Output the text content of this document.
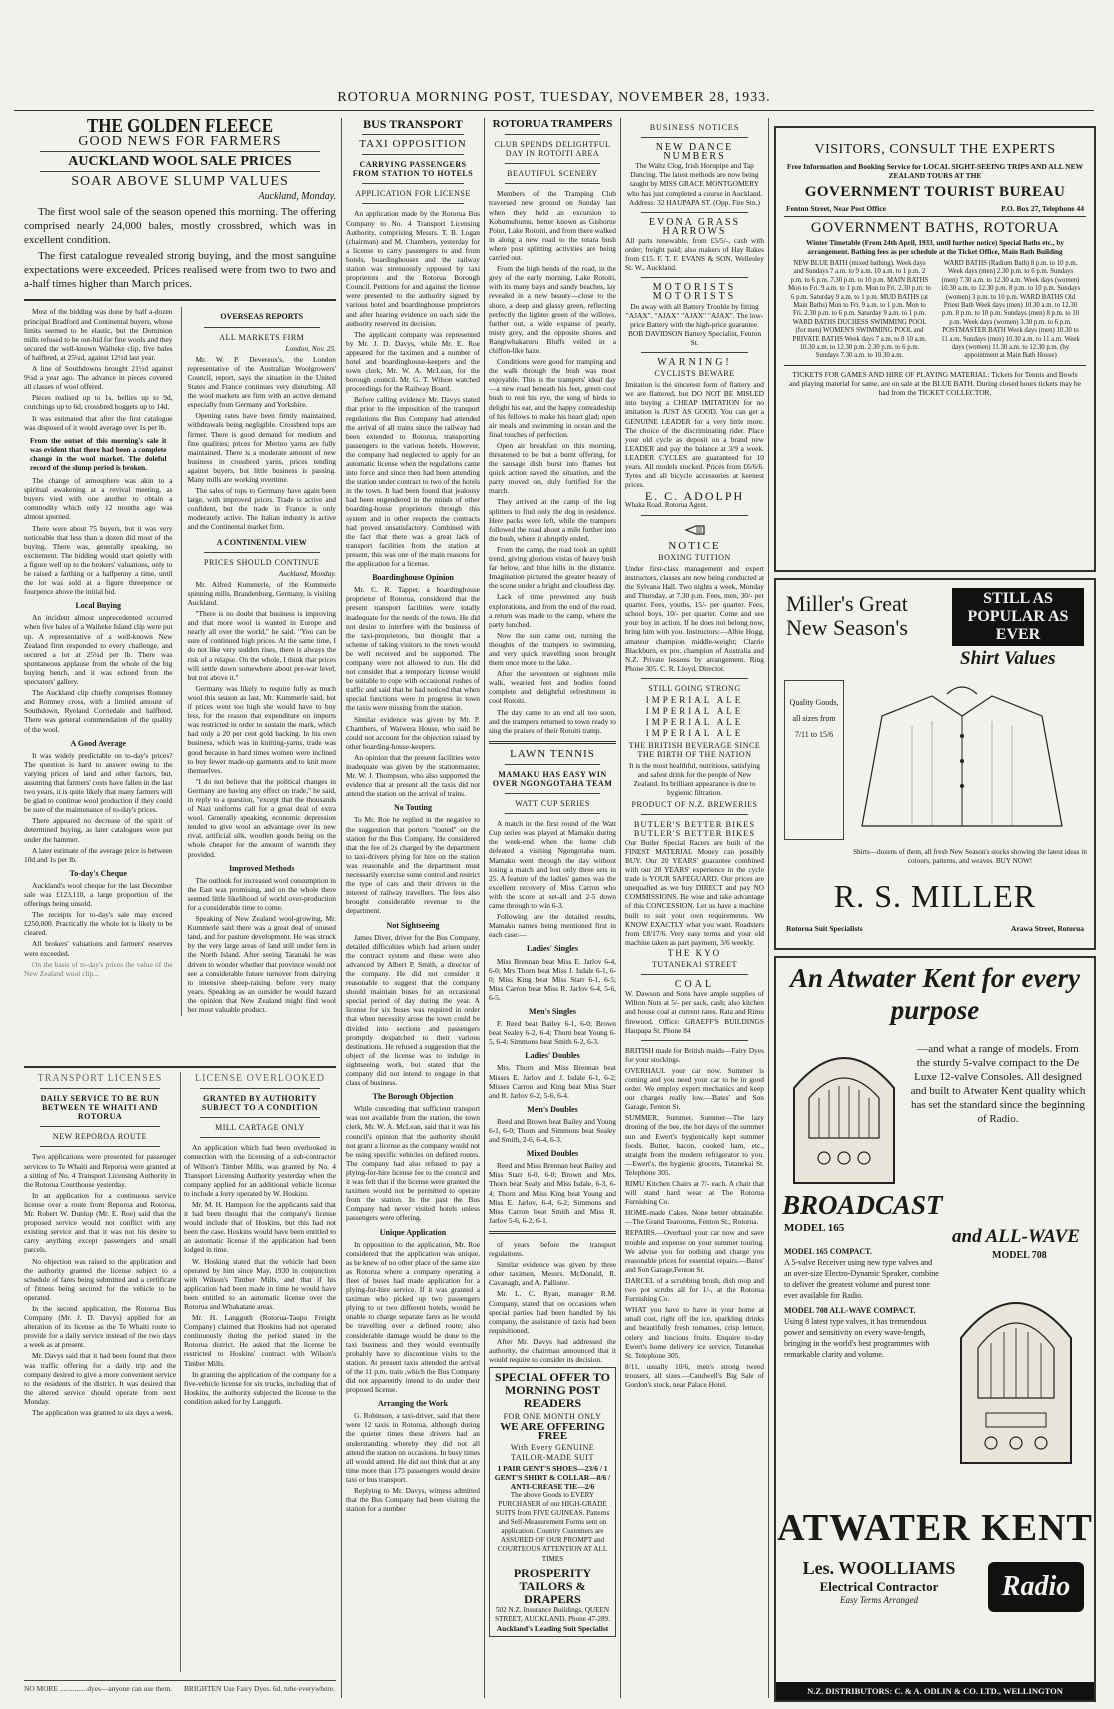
ROTORUA MORNING POST, TUESDAY, NOVEMBER 28, 1933.
THE GOLDEN FLEECE
GOOD NEWS FOR FARMERS
AUCKLAND WOOL SALE PRICES
SOAR ABOVE SLUMP VALUES
Auckland, Monday.

The first wool sale of the season opened this morning. The offering comprised nearly 24,000 bales, mostly crossbred, which was in excellent condition.

The first catalogue revealed strong buying, and the most sanguine expectations were exceeded. Prices realised were from two to two and a-half times higher than March prices.

Most of the bidding was done by half a-dozen principal Bradford and Continental buyers, whose limits seemed to be elastic, but the Dominion mills refused to be out-bid for fine wools and they secured the well-known Waiheke clip, five bales of halfbred, at 25¼d, against 12½d last year.

A line of Southdowns brought 21½d against 9¼d a year ago. The advance in pieces covered all classes of wool offered.

Pieces realised up to 1s, bellies up to 9d, crutchings up to 6d, crossbred hoggets up to 14d.

It was estimated that after the first catalogue was disposed of it would average over 1s per lb.

From the outset of this morning's sale it was evident that there had been a complete change in the wool market. The doleful record of the slump period is broken.

The change of atmosphere was akin to a spiritual awakening at a revival meeting, as buyers vied with one another to obtain a commodity which only 12 months ago was almost spurned.

There were about 75 buyers, but it was very noticeable that less than a dozen did most of the buying. There was, generally speaking, no excitement. The bidding would start quietly with a figure well up to the brokers' valuations, only to be raised a farthing or a halfpenny a time, until the lot was sold at a figure threepence or fourpence above the initial bid.

Local Buying

An incident almost unprecedented occurred when five bales of a Waiheke Island clip were put up. A representative of a well-known New Zealand firm responded to every challenge, and secured a lot at 25¼d per lb. There was spontaneous applause from the whole of the big buying bench, and it was echoed from the spectators' gallery.

The Auckland clip chiefly comprises Romney and Romney cross, with a limited amount of Southdown, Ryeland Corriedale and halfbred. There was general commendation of the quality of the wool.

A Good Average

It was widely predictable on to-day's prices? The question is hard to answer owing to the varying prices of land and other factors, but, assuming that farmers' costs have fallen in the last two years, it is quite likely that many farmers will be glad to continue wool production if they could be sure of the maintenance of to-day's prices.

There appeared no decrease of the spirit of determined buying, as later catalogues were put under the hammer.

A later estimate of the average price is between 10d and 1s per lb.

To-day's Cheque

Auckland's wool cheque for the last December sale was £123,118, a large proportion of the offerings being unsold.

The receipts for to-day's sale may exceed £250,000. Practically the whole lot is likely to be cleared.

All brokers' valuations and farmers' reserves were exceeded.

On the basis of to-day's prices the value of the New Zealand wool clip...

OVERSEAS REPORTS
ALL MARKETS FIRM

London, Nov. 25.

Mr. W. P. Devereux's, the London representative of the Australian Woolgrowers' Council, report, says the situation in the United States and France continues very disturbing. All the wool markets are firm with an active demand especially from Germany and Yorkshire.

Opening rates have been firmly maintained, withdrawals being negligible. Crossbred tops are firmer. There is good demand for medium and fine qualities; prices for Merino yarns are fully maintained. There is a moderate amount of new business in crossbred yarns, prices tending against buyers, but little business is passing. Many mills are working overtime.

The sales of tops to Germany have again been large, with improved prices. Trade is active and confident, but the trade in France is only moderately active. The Italian industry is active and the Continental market firm.

A CONTINENTAL VIEW
PRICES SHOULD CONTINUE

Auckland, Monday.

Mr. Alfred Kummerle, of the Kummerle spinning mills, Brandenburg, Germany, is visiting Auckland.

"There is no doubt that business is improving and that more wool is wanted in Europe and nearly all over the world," he said. "You can be sure of continued high prices. At the same time, I do not like very sudden rises, there is always the risk of a relapse. On the whole, I think that prices will settle down somewhere about pre-war level, but not above it."

Germany was likely to require fully as much wool this season as last, Mr. Kummerle said, but if prices went too high she would have to buy less, for the reason that expenditure on imports was restricted in order to sustain the mark, which had only a 20 per cent gold backing. In his own business, which was in knitting-yarns, trade was good because in hard times women were inclined to buy fewer made-up garments and to knit more themselves.

"I do not believe that the political changes in Germany are having any effect on trade," he said, in reply to a question, "except that the thousands of Nazi uniforms call for a great deal of extra wool. Generally speaking, economic depression tended to give wool an advantage over its new rival, artificial silk, woollen goods being on the whole cheaper for the amount of warmth they provided.

Improved Methods

The outlook for increased wool consumption in the East was promising, and on the whole there seemed little likelihood of world over-production for a considerable time to come.

Speaking of New Zealand wool-growing, Mr. Kummerle said there was a great deal of unused land, and for pasture development. He was struck by the very large areas of land still under fern in the North Island. After seeing Taranaki he was driven to wonder whether that province would not see a considerable future turnover from dairying to intensive sheep-raising before very many years. Speaking as an outsider he would hazard the opinion that New Zealand might find wool her most valuable product.

BUS TRANSPORT
TAXI OPPOSITION
CARRYING PASSENGERS FROM STATION TO HOTELS
APPLICATION FOR LICENSE

An application made by the Rotorua Bus Company to No. 4 Transport Licensing Authority, comprising Messrs. T. B. Logan (chairman) and M. Chambers, yesterday for a license to carry passengers to and from hotels, boardinghouses and the railway station was strenuously opposed by taxi proprietors and the Rotorua Borough Council. Petitions for and against the license were presented to the authority signed by various hotel and boardinghouse proprietors and after hearing evidence on each side the authority reserved its decision.

The applicant company was represented by Mr. J. D. Davys, while Mr. E. Roe appeared for the taximen and a number of hotel and boardinghouse-keepers and the town clerk, Mr. W. A. McLean, for the borough council. Mr. G. T. Wilson watched proceedings for the Railway Board.

Before calling evidence Mr. Davys stated that prior to the imposition of the transport regulations the Bus Company had attended the arrival of all trains since the railway had been extended to Rotorua, transporting passengers to the various hotels. However, the company had neglected to apply for an automatic license when the regulations came into force and since then had been attending the station under contract to two of the hotels in the town. It had been found that jealousy had been engendered in the minds of other boarding-house proprietors through this system and in other respects the contracts had proved unsatisfactory. Combined with the fact that there was a great lack of transport facilities from the station at present, this was one of the main reasons for the application for a license.

Boardinghouse Opinion

Mr. C. R. Tapper, a boardinghouse proprietor of Rotorua, considered that the present transport facilities were totally inadequate for the needs of the town. He did not desire to interfere with the business of the taxi-proprietors, but thought that a scheme of taking visitors to the town would be well received and be supported. The company were not allowed to run. He did not consider that a temporary license would be suitable to cope with occasional rushes of traffic and said that he had noticed that when special functions were in progress in town the taxis were missing from the station.

Similar evidence was given by Mr. P. Chambers, of Waiwera House, who said he could not account for the objection raised by other boarding-house-keepers.

An opinion that the present facilities were inadequate was given by the stationmaster, Mr. W. J. Thompson, who also supported the evidence that at present all the taxis did not attend the station on the arrival of trains.

No Touting

To Mr. Roe he replied in the negative to the suggestion that porters "touted" on the station for the Bus Company. He considered that the fee of 2s charged by the department to taxi-drivers plying for hire on the station was reasonable and the department must necessarily exercise some control and restrict the type of cars and their drivers in the interest of railway travellers. The fees also brought considerable revenue to the department.

Not Sightseeing

James Diver, driver for the Bus Company, detailed difficulties which had arisen under the contract system and these were also advanced by Albert P. Smith, a director of the company. He did not consider it reasonable to suggest that the company should maintain buses for an occasional special period of day during the year. A license for six buses was required in order that when necessity arose the town could be divided into sections and passengers promptly despatched to their various destinations. He refused a suggestion that the object of the license was to indulge in sightseeing work, but stated that the company did not intend to engage in that class of business.

The Borough Objection

While conceding that sufficient transport was not available from the station, the town clerk, Mr. W. A. McLean, said that it was his council's opinion that the authority should not grant a license as the company would not be using specific vehicles on defined routes. The company had also refused to pay a plying-for-hire license fee to the council and it was felt that if the license were granted the taximen would not be permitted to operate from the station. In the past the Bus Company had never visited hotels unless passengers were offering.

Unique Application

In opposition to the application, Mr. Roe considered that the application was unique, as he knew of no other place of the same size as Rotorua where a company operating a fleet of buses had made application for a plying-for-hire service. If it was granted a taximan who picked up two passengers plying to or two different hotels, would be unable to charge separate fares as he would be travelling over a defined route; also considerable damage would be done to the taxi business and they would eventually probably have to discontinue visits to the station. At present taxis attended the arrival of the 11 p.m. train ,which the Bus Company did not apparently intend to do under their proposed license.

Arranging the Work

G. Robinson, a taxi-driver, said that there were 12 taxis in Rotorua, although during the quieter times these drivers had an understanding whereby they did not all attend the station on occasions. In busy times all would attend. He did not think that at any time more than 175 passengers would desire taxi or bus transport.

Replying to Mr. Davys, witness admitted that the Bus Company had been visiting the station for a number

ROTORUA TRAMPERS
CLUB SPENDS DELIGHTFUL DAY IN ROTOITI AREA
BEAUTIFUL SCENERY

Members of the Tramping Club traversed new ground on Sunday last when they held an excursion to Kohumuhumu, better known as Gisborne Point, Lake Rotoiti, and from there walked in along a new road to the totara bush where post splitting activities are being carried out.

From the high bends of the road, in the grey of the early morning, Lake Rotoiti, with its many bays and sandy beaches, lay revealed in a new beauty—close to the shore, a deep and glassy green, reflecting perfectly the lighter green of the willows, further out, a wide expanse of pearly, misty grey, and the opposite shores and Rangiwhakaruru Bluffs veiled in a chiffon-like haze.

Conditions were good for tramping and the walk through the bush was most enjoyable. This is the trampers' ideal day—a new road beneath his feet, green cool bush to rest his eye, the song of birds to delight his ear, and the happy comradeship of his fellows to make his heart glad; open air meals and swimming in ocean and the final touches of perfection.

Open air breakfast on this morning, threatened to be but a burnt offering, for the sausage dish burst into flames but quick action saved the situation, and the party moved on, duly fortified for the march.

They arrived at the camp of the log splitters to find only the dog in residence. Here packs were left, while the trampers followed the road about a mile further into the bush, where it abruptly ended.

From the camp, the road took an uphill trend, giving glorious vistas of heavy bush far below, and blue hills in the distance. Imagination pictured the greater beauty of the scene under a bright and cloudless day.

Lack of time prevented any bush explorations, and from the end of the road, a return was made to the camp, where the party lunched.

Now the sun came out, turning the thoughts of the trampers to swimming, and very quick travelling soon brought them once more to the lake.

After the seventeen or eighteen mile walk, wearied feet and bodies found complete and delightful refreshment in cool Rotoiti.

The day came to an end all too soon, and the trampers returned to town ready to sing the praises of their Rotoiti tramp.

LAWN TENNIS
MAMAKU HAS EASY WIN OVER NGONGOTAHA TEAM
WATT CUP SERIES

A match in the first round of the Watt Cup series was played at Mamaku during the week-end when the home club defeated a visiting Ngongotaha team. Mamaku went through the day without losing a match and lost only three sets in 25. A feature of the ladies' games was the excellent recovery of Miss Carron who with the score at set-all and 2-5 down came through to win 6-3.

Following are the detailed results, Mamaku names being mentioned first in each case:—

Ladies' Singles

Miss Brennan beat Miss E. Jarlov 6-4, 6-0; Mrs Thorn beat Miss J. Isdale 6-1, 6-0; Miss King beat Miss Starr 6-1, 6-5; Miss Carron beat Miss R. Jarlov 6-4, 5-6, 6-5.

Men's Singles

F. Reed beat Bailey 6-1, 6-0; Brown beat Sealey 6-2, 6-4; Thorn beat Young 6-5, 6-4; Simmons beat Smith 6-2, 6-3.

Ladies' Doubles

Mrs. Thorn and Miss Brennan beat Misses E. Jarlov and J. Isdale 6-1, 6-2; Misses Carron and King beat Miss Starr and R. Jarlov 6-2, 5-6, 6-4.

Men's Doubles

Reed and Brown beat Bailey and Young 6-1, 6-0; Thorn and Simmons beat Sealey and Smith, 2-6, 6-4, 6-3.

Mixed Doubles

Reed and Miss Brennan beat Bailey and Miss Starr 6-0, 6-0; Brown and Mrs. Thorn beat Sealy and Miss Isdale, 6-3, 6-4; Thorn and Miss King beat Young and Miss E. Jarlov, 6-4, 6-2; Simmons and Miss Carron beat Smith and Miss R. Jarlov 5-6, 6-2, 6-1.

of years before the transport regulations.

Similar evidence was given by three other taximen, Messrs. McDonald, R. Cavanagh, and A. Pallister.

Mr. L. C. Ryan, manager R.M. Company, stated that on occasions when special parties had been handled by his company, the assistance of taxis had been requisitioned.

After Mr. Davys had addressed the authority, the chairman announced that it would require to consider its decision.

SPECIAL OFFER TO MORNING POST READERS
FOR ONE MONTH ONLY
WE ARE OFFERING FREE
With Every GENUINE TAILOR-MADE SUIT
1 PAIR GENT'S SHOES—23/6 / 1 GENT'S SHIRT & COLLAR—8/6 / ANTI-CREASE TIE—2/6
The above Goods to EVERY PURCHASER of our HIGH-GRADE SUITS from FIVE GUINEAS. Patterns and Self-Measurement Forms sent on application. Country Customers are ASSURED OF OUR PROMPT and COURTEOUS ATTENTION AT ALL TIMES
PROSPERITY TAILORS & DRAPERS
502 N.Z. Insurance Buildings, QUEEN STREET, AUCKLAND. Phone 47-289.
Auckland's Leading Suit Specialist
BUSINESS NOTICES
NEW DANCE NUMBERS
The Waltz Clog, Irish Hornpipe and Tap Dancing. The latest methods are now being taught by MISS GRACE MONTGOMERY who has just completed a course in Auckland. Address: 32 HAUPAPA ST. (Opp. Fire Stn.)
EVONA GRASS HARROWS
All parts renewable, from £5/5/-, cash with order; freight paid; also makers of Hay Rakes from £15. F. T. F. EVANS & SON, Wellesley St. W., Auckland.
MOTORISTS MOTORISTS
Do away with all Battery Trouble by fitting "AJAX". "AJAX" "AJAX" "AJAX". The low-price Battery with the high-price guarantee. BOB DAVIDSON Battery Specialist, Fenton St.
WARNING!
CYCLISTS BEWARE
Imitation is the sincerest form of flattery and we are flattered, but DO NOT BE MISLED into buying a CHEAP IMITATION for no imitation is JUST AS GOOD. You can get a GENUINE LEADER for a very little more. The choice of the discriminating rider. Place your old cycle as deposit on a brand new LEADER and pay the balance at 3/9 a week. LEADER CYCLES are guaranteed for 10 years. All models stocked. Prices from £6/6/6. Tyres and all bicycle accessories at keenest prices.
E. C. ADOLPH
Whaka Road. Rotorua Agent.
NOTICE
BOXING TUITION
Under first-class management and expert instructors, classes are now being conducted at the Sylvana Hall. Two nights a week, Monday and Thursday, at 7.30 p.m. Fees, men, 30/- per quarter. Fees, youths, 15/- per quarter. Fees, school boys, 10/- per quarter. Come and see your boy in action. If he does not belong now, bring him with you. Instructors:—Albie Hogg, amateur champion middle-weight; Clarrie Blackburn, ex pro. champion of Australia and N.Z. Private lessons by arrangement. Ring Phone 305. C. R. Lloyd, Director.
STILL GOING STRONG
IMPERIAL ALE
IMPERIAL ALE
IMPERIAL ALE
IMPERIAL ALE
THE BRITISH BEVERAGE SINCE THE BIRTH OF THE NATION
It is the most healthful, nutritious, satisfying and safest drink for the people of New Zealand. Its brilliant appearance is due to hygienic filtration.
PRODUCT OF N.Z. BREWERIES
BUTLER'S BETTER BIKES
BUTLER'S BETTER BIKES
Our Butler Special Racers are built of the FINEST MATERIAL Money can possibly BUY. Our 20 YEARS' guarantee combined with our 20 YEARS' experience in the cycle trade is YOUR SAFEGUARD. Our prices are unequalled as we buy DIRECT and pay NO COMMISSIONS. Be wise and take advantage of this CONCESSION. Let us have a machine built to suit your own requirements. We KNOW EXACTLY what you want. Roadsters from £8/17/6. Very easy terms and your old machine taken as part payment, 3/6 weekly.
THE KYO
TUTANEKAI STREET
COAL
W. Dawson and Sons have ample supplies of Wilton Nuts at 5/- per sack, cash; also kitchen and house coal at current rates. Rata and Rimu firewood. Office: GRAEFF'S BUILDINGS Haupapa St. Phone 84

BRITISH made for British maids—Fairy Dyes for your stockings.

OVERHAUL your car now. Summer is coming and you need your car to be in good order. We employ expert mechanics and keep our charges really low.—Bates' and Son Garage, Fenton St.

SUMMER, Summer, Summer—The lazy droning of the bee, the hot days of the summer sun and Ewert's hygienically kept summer foods. Butter, bacon, cooked ham, etc., straight from the modern refrigerator to you. —Ewert's, the hygienic grocers, Tutanekai St. Telephone 305.

RIMU Kitchen Chairs at 7/- each. A chair that will stand hard wear at The Rotorua Furnishing Co.

HOME-made Cakes. None better obtainable.—The Grand Tearooms, Fenton St., Rotorua.

REPAIRS.—Overhaul your car now and save trouble and expense on your summer touring. We advise you for nothing and charge you reasonable prices for essential repairs.—Bates' and Son Garage,Fenton St.

DARCEL of a scrubbing brush, dish mop and two pot scrubs all for 1/-, at the Rotorua Furnishing Co.

WHAT you have to have in your home at small cost, right off the ice, sparkling drinks and beautifully fresh tomatoes, crisp lettuce, celery and luscious fruits. Enquire to-day Ewert's home delivery ice service, Tutanekai St. Telephone 305.

8/11, usually 10/6, men's strong tweed trousers, all sizes.—Candwell's Big Sale of Gordon's stock, near Palace Hotel.

VISITORS, CONSULT THE EXPERTS
Free Information and Booking Service for LOCAL SIGHT-SEEING TRIPS AND ALL NEW ZEALAND TOURS AT THE
GOVERNMENT TOURIST BUREAU
Fenton Street, Near Post Office	P.O. Box 27, Telephone 44
GOVERNMENT BATHS, ROTORUA
Winter Timetable (From 24th April, 1933, until further notice) Special Baths etc., by arrangement. Bathing fees as per schedule at the Ticket Office, Main Bath Building
NEW BLUE BATH (mixed bathing). Week days and Sundays 7 a.m. to 9 a.m. 10 a.m. to 1 p.m. 2 p.m. to 6 p.m. 7.30 p.m. to 10 p.m. MAIN BATHS Mon to Fri. 9 a.m. to 1 p.m. Mon to Fri. 2.30 p.m. to 6 p.m. Saturday 9 a.m. to 1 p.m. MUD BATHS (at Main Baths) Mon to Fri. 9 a.m. to 1 p.m. Mon to Fri. 2.30 p.m. to 6 p.m. Saturday 9 a.m. to 1 p.m. WARD BATHS DUCHESS SWIMMING POOL (for men) WOMEN'S SWIMMING POOL and PRIVATE BATHS Week days 7 a.m. to 8 10 a.m. 10.30 a.m. to 12.30 p.m. 2.30 p.m. to 6 p.m. Sundays 7.30 a.m. to 10.30 a.m.
WARD BATHS (Radium Bath) 8 p.m. to 10 p.m. Week days (men) 2.30 p.m. to 6 p.m. Sundays (men) 7.30 a.m. to 12.30 a.m. Week days (women) 10.30 a.m. to 12.30 p.m. 8 p.m. to 10 p.m. Sundays (women) 3 p.m. to 10 p.m. WARD BATHS Old Priest Bath Week days (men) 10.30 a.m. to 12.30 p.m. 8 p.m. to 10 p.m. Sundays (men) 8 p.m. to 10 p.m. Week days (women) 3.30 p.m. to 6 p.m. POSTMASTER BATH Week days (men) 10.30 to 11 a.m. Sundays (men) 10.30 a.m. to 11 a.m. Week days (women) 11.30 a.m. to 12.30 p.m. (by appointment at Main Bath House)
TICKETS FOR GAMES AND HIRE OF PLAYING MATERIAL: Tickets for Tennis and Bowls and playing material for same, are on sale at the BLUE BATH. During closed hours tickets may be had from the TICKET COLLECTOR.
Miller's Great New Season's
STILL AS POPULAR AS EVER
Shirt Values
Quality Goods, all sizes from 7/11 to 15/6
Shirts—dozens of them, all fresh New Season's stocks showing the latest ideas in colours, patterns, and weaves. BUY NOW!
R. S. MILLER
Rotorua Suit Specialists	Arawa Street, Rotorua
An Atwater Kent for every purpose
—and what a range of models. From the sturdy 5-valve compact to the De Luxe 12-valve Consoles. All designed and built to Atwater Kent quality which has set the standard since the beginning of Radio.
BROADCAST
MODEL 165	and ALL-WAVE
MODEL 708
MODEL 165 COMPACT.
A 5-valve Receiver using new type valves and an over-size Electro-Dynamic Speaker, combine to deliver the greatest volume and purest tone ever available for Radio.
MODEL 708 ALL-WAVE COMPACT.
Using 8 latest type valves, it has tremendous power and sensitivity on every wave-length, bringing in the world's best programmes with remarkable clarity and volume.
ATWATER KENT
Les. WOOLLIAMS
Electrical Contractor
Easy Terms Arranged	Radio
N.Z. DISTRIBUTORS: C. & A. ODLIN & CO. LTD., WELLINGTON
TRANSPORT LICENSES
DAILY SERVICE TO BE RUN BETWEEN TE WHAITI AND ROTORUA
NEW REPOROA ROUTE

Two applications were presented for passenger services to Te Whaiti and Reporoa were granted at a sitting of No. 4 Transport Licensing Authority in the Rotorua Courthouse yesterday.

In an application for a continuous service license over a route from Reporoa and Rotorua, Mr. Robert W. Dunlop (Mr. E. Roe) said that the proposed service would not conflict with any existing service and that it was not his desire to carry anything except passengers and small parcels.

No objection was raised to the application and the authority granted the license subject to a schedule of fares being submitted and a certificate of fitness being secured for the vehicle to be operated.

In the second application, the Rotorua Bus Company (Mr. J. D. Davys) applied for an alteration of its license as the Te Whaiti route to provide for a daily service instead of the two days a week as at present.

Mr. Davys said that it had been found that there was traffic offering for a daily trip and the company desired to give a more convenient service to the residents of the district. It was desired that the altered service should operate from next Monday.

The application was granted to six days a week.

LICENSE OVERLOOKED
GRANTED BY AUTHORITY SUBJECT TO A CONDITION
MILL CARTAGE ONLY

An application which had been overlooked in connection with the licensing of a sub-contractor of Wilson's Timber Mills, was granted by No. 4 Transport Licensing Authority yesterday when the company applied for an additional vehicle license to include a lorry operated by W. Hoskins.

Mr. M. H. Hampson for the applicants said that it had been thought that the company's license would include that of Hoskins, but this had not been the case. Hoskins would have been entitled to an automatic license if the application had been lodged in time.

W. Hosking stated that the vehicle had been operated by him since May, 1930 in conjunction with Wilson's Timber Mills, and that if his application had been made in time he would have been entitled to an automatic license over the Rotorua and Whakatane areas.

Mr. H. Langguth (Rotorua-Taupo Freight Company) claimed that Hoskins had not operated continuously during the period stated in the Rotorua district. He asked that the license be restricted to Hoskins' contract with Wilson's Timber Mills.

In granting the application of the company for a five-vehicle license for six trucks, including that of Hoskins, the authority subjected the license to the condition asked for by Langguth.

NO MORE ...............dyes—anyone can use them. BRIGHTEN Use Fairy Dyes. 6d. tube everywhere.
